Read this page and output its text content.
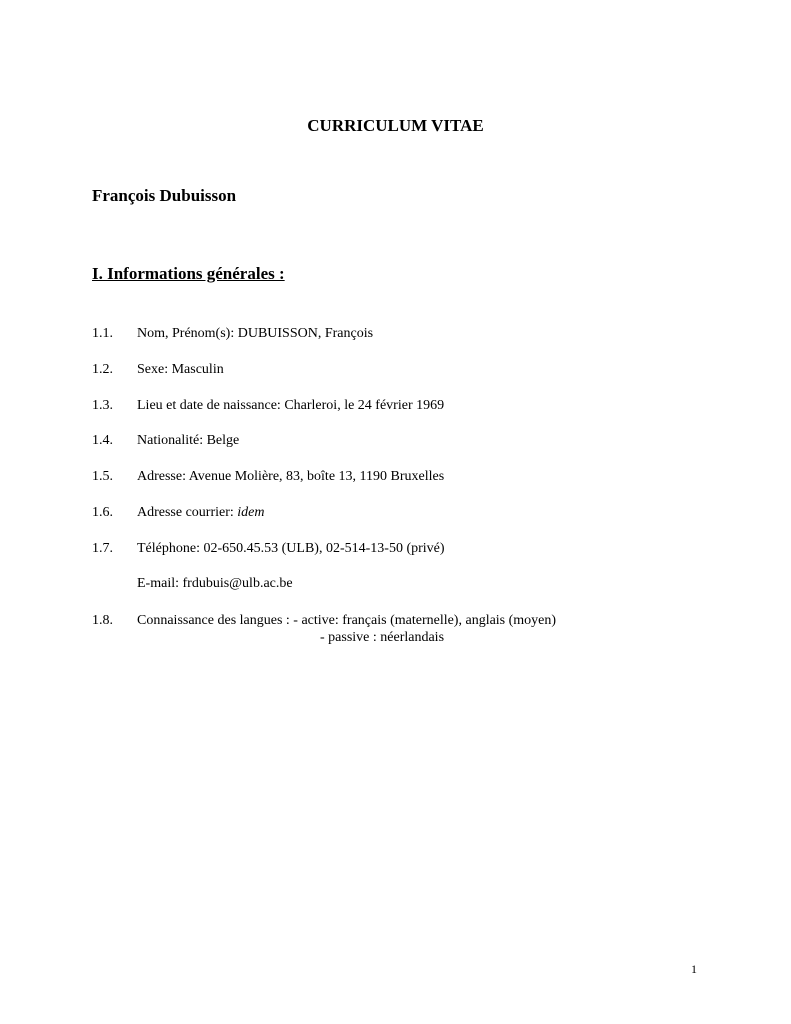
CURRICULUM VITAE
François Dubuisson
I. Informations générales :
1.1. Nom, Prénom(s): DUBUISSON, François
1.2. Sexe: Masculin
1.3. Lieu et date de naissance: Charleroi, le 24 février 1969
1.4. Nationalité: Belge
1.5. Adresse: Avenue Molière, 83, boîte 13, 1190 Bruxelles
1.6. Adresse courrier: idem
1.7. Téléphone: 02-650.45.53 (ULB), 02-514-13-50 (privé)
E-mail: frdubuis@ulb.ac.be
1.8. Connaissance des langues : - active: français (maternelle), anglais (moyen)
- passive : néerlandais
1
